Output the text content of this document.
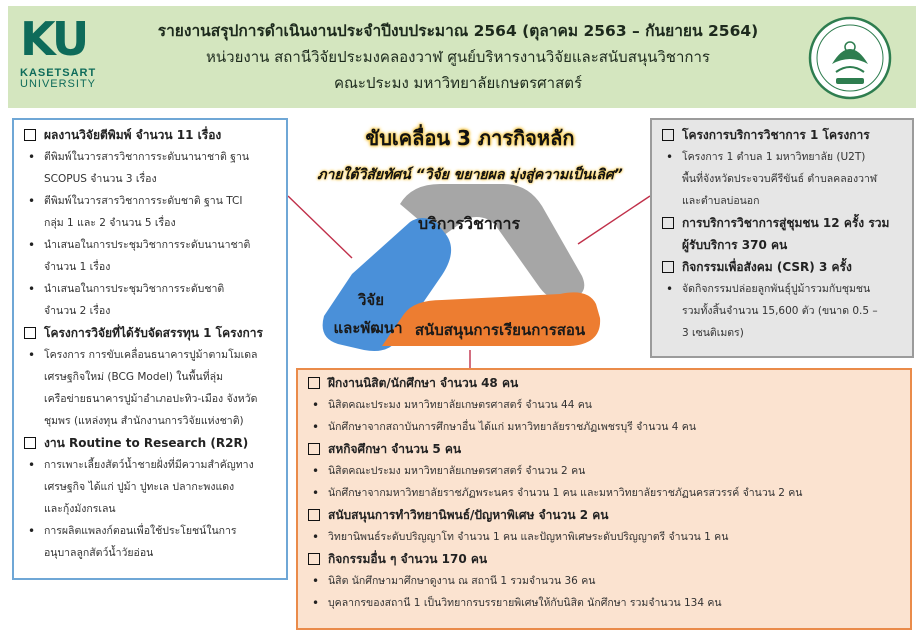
KU
KASETSART
UNIVERSITY
รายงานสรุปการดำเนินงานประจำปีงบประมาณ 2564 (ตุลาคม 2563 – กันยายน 2564)
หน่วยงาน สถานีวิจัยประมงคลองวาฬ ศูนย์บริหารงานวิจัยและสนับสนุนวิชาการ
คณะประมง มหาวิทยาลัยเกษตรศาสตร์
ผลงานวิจัยตีพิมพ์ จำนวน 11 เรื่อง
• ตีพิมพ์ในวารสารวิชาการระดับนานาชาติ ฐาน
SCOPUS จำนวน 3 เรื่อง
• ตีพิมพ์ในวารสารวิชาการระดับชาติ ฐาน TCI
กลุ่ม 1 และ 2 จำนวน 5 เรื่อง
• นำเสนอในการประชุมวิชาการระดับนานาชาติ
จำนวน 1 เรื่อง
• นำเสนอในการประชุมวิชาการระดับชาติ
จำนวน 2 เรื่อง
โครงการวิจัยที่ได้รับจัดสรรทุน 1 โครงการ
• โครงการ การขับเคลื่อนธนาคารปูม้าตามโมเดล
เศรษฐกิจใหม่ (BCG Model) ในพื้นที่ลุ่ม
เครือข่ายธนาคารปูม้าอำเภอปะทิว-เมือง จังหวัด
ชุมพร (แหล่งทุน สำนักงานการวิจัยแห่งชาติ)
งาน Routine to Research (R2R)
• การเพาะเลี้ยงสัตว์น้ำชายฝั่งที่มีความสำคัญทาง
เศรษฐกิจ ได้แก่ ปูม้า ปูทะเล ปลากะพงแดง
และกุ้งมังกรเลน
• การผลิตแพลงก์ตอนเพื่อใช้ประโยชน์ในการ
อนุบาลลูกสัตว์น้ำวัยอ่อน
ขับเคลื่อน 3 ภารกิจหลัก
ภายใต้วิสัยทัศน์ “วิจัย ขยายผล มุ่งสู่ความเป็นเลิศ”
บริการวิชาการ
วิจัย
และพัฒนา สนับสนุนการเรียนการสอน
โครงการบริการวิชาการ 1 โครงการ
• โครงการ 1 ตำบล 1 มหาวิทยาลัย (U2T)
พื้นที่จังหวัดประจวบคีรีขันธ์ ตำบลคลองวาฬ
และตำบลบ่อนอก
การบริการวิชาการสู่ชุมชน 12 ครั้ง รวม
ผู้รับบริการ 370 คน
กิจกรรมเพื่อสังคม (CSR) 3 ครั้ง
• จัดกิจกรรมปล่อยลูกพันธุ์ปูม้ารวมกับชุมชน
รวมทั้งสิ้นจำนวน 15,600 ตัว (ขนาด 0.5 –
3 เซนติเมตร)
ฝึกงานนิสิต/นักศึกษา จำนวน 48 คน
• นิสิตคณะประมง มหาวิทยาลัยเกษตรศาสตร์ จำนวน 44 คน
• นักศึกษาจากสถาบันการศึกษาอื่น ได้แก่ มหาวิทยาลัยราชภัฏเพชรบุรี จำนวน 4 คน
สหกิจศึกษา จำนวน 5 คน
• นิสิตคณะประมง มหาวิทยาลัยเกษตรศาสตร์ จำนวน 2 คน
• นักศึกษาจากมหาวิทยาลัยราชภัฏพระนคร จำนวน 1 คน และมหาวิทยาลัยราชภัฏนครสวรรค์ จำนวน 2 คน
สนับสนุนการทำวิทยานิพนธ์/ปัญหาพิเศษ จำนวน 2 คน
• วิทยานิพนธ์ระดับปริญญาโท จำนวน 1 คน และปัญหาพิเศษระดับปริญญาตรี จำนวน 1 คน
กิจกรรมอื่น ๆ จำนวน 170 คน
• นิสิต นักศึกษามาศึกษาดูงาน ณ สถานี 1 รวมจำนวน 36 คน
• บุคลากรของสถานี 1 เป็นวิทยากรบรรยายพิเศษให้กับนิสิต นักศึกษา รวมจำนวน 134 คน
